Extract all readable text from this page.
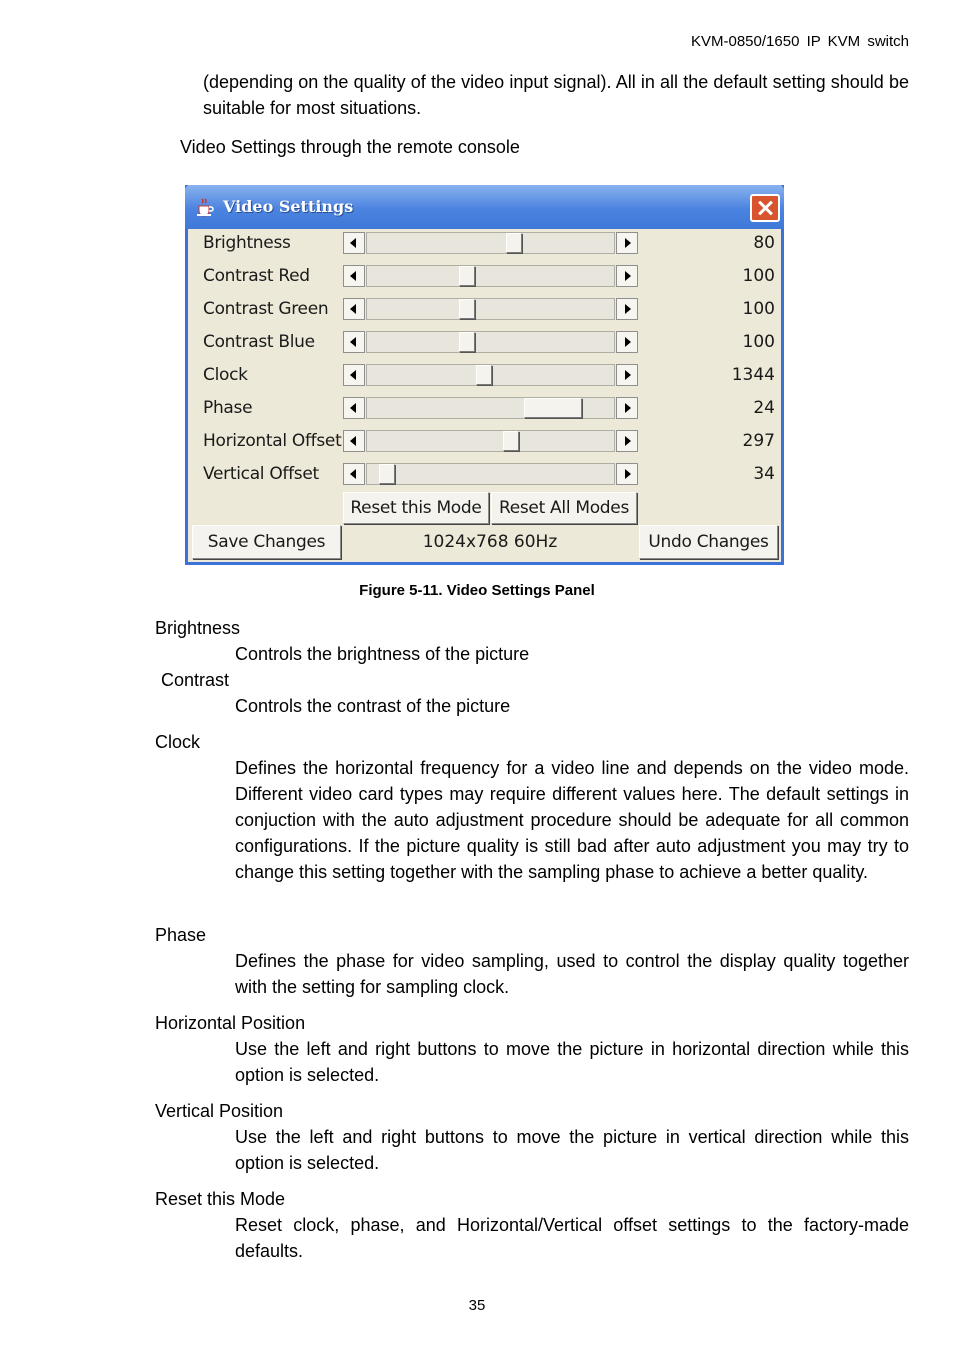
KVM-0850/1650 IP KVM switch
(depending on the quality of the video input signal). All in all the default setting should be suitable for most situations.
Video Settings through the remote console
Video Settings
Brightness	80
Contrast Red	100
Contrast Green	100
Contrast Blue	100
Clock	1344
Phase	24
Horizontal Offset	297
Vertical Offset	34
Reset this Mode	Reset All Modes
Save Changes	1024x768 60Hz	Undo Changes
Figure 5-11. Video Settings Panel
Brightness
Controls the brightness of the picture
Contrast
Controls the contrast of the picture
Clock
Defines the horizontal frequency for a video line and depends on the video mode. Different video card types may require different values here. The default settings in conjuction with the auto adjustment procedure should be adequate for all common configurations. If the picture quality is still bad after auto adjustment you may try to change this setting together with the sampling phase to achieve a better quality.
Phase
Defines the phase for video sampling, used to control the display quality together with the setting for sampling clock.
Horizontal Position
Use the left and right buttons to move the picture in horizontal direction while this option is selected.
Vertical Position
Use the left and right buttons to move the picture in vertical direction while this option is selected.
Reset this Mode
Reset clock, phase, and Horizontal/Vertical offset settings to the factory-made defaults.
35
